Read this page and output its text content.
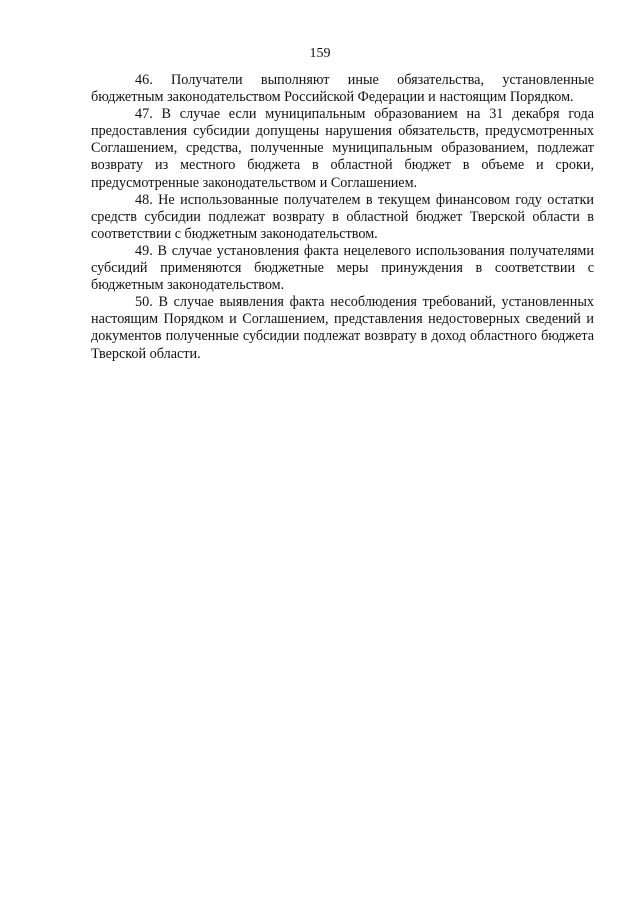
159

46. Получатели выполняют иные обязательства, установленные бюджетным законодательством Российской Федерации и настоящим Порядком.

47. В случае если муниципальным образованием на 31 декабря года предоставления субсидии допущены нарушения обязательств, предусмотренных Соглашением, средства, полученные муниципальным образованием, подлежат возврату из местного бюджета в областной бюджет в объеме и сроки, предусмотренные законодательством и Соглашением.

48. Не использованные получателем в текущем финансовом году остатки средств субсидии подлежат возврату в областной бюджет Тверской области в соответствии с бюджетным законодательством.

49. В случае установления факта нецелевого использования получателями субсидий применяются бюджетные меры принуждения в соответствии с бюджетным законодательством.

50. В случае выявления факта несоблюдения требований, установленных настоящим Порядком и Соглашением, представления недостоверных сведений и документов полученные субсидии подлежат возврату в доход областного бюджета Тверской области.
